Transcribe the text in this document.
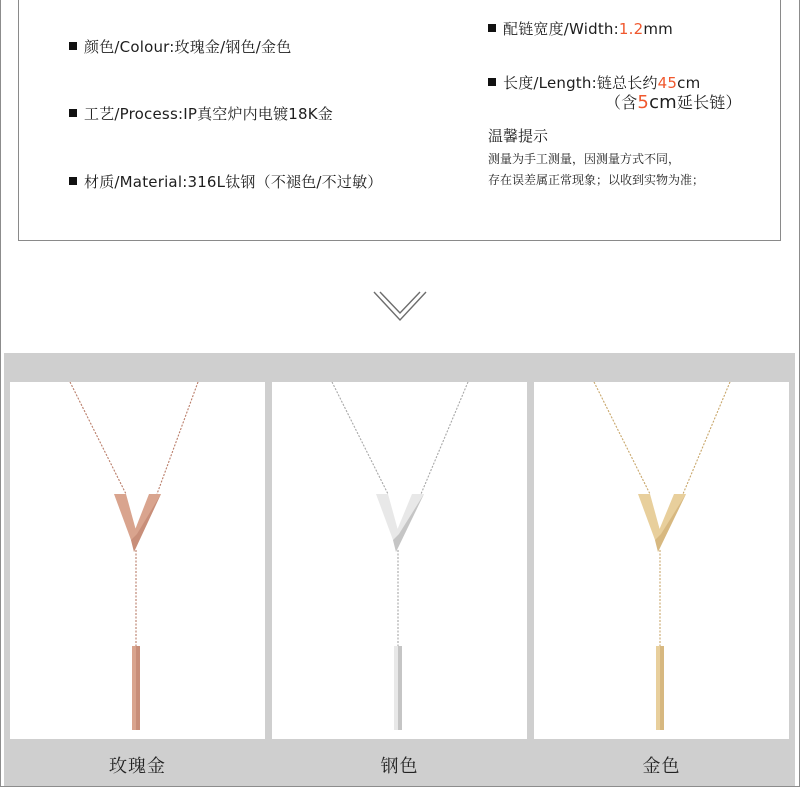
颜色/Colour:玫瑰金/钢色/金色
工艺/Process:IP真空炉内电镀18K金
材质/Material:316L钛钢（不褪色/不过敏）
配链宽度/Width:1.2mm
长度/Length:链总长约45cm
（含5cm延长链）
温馨提示
测量为手工测量，因测量方式不同，
存在误差属正常现象；以收到实物为准；
玫瑰金	钢色	金色
